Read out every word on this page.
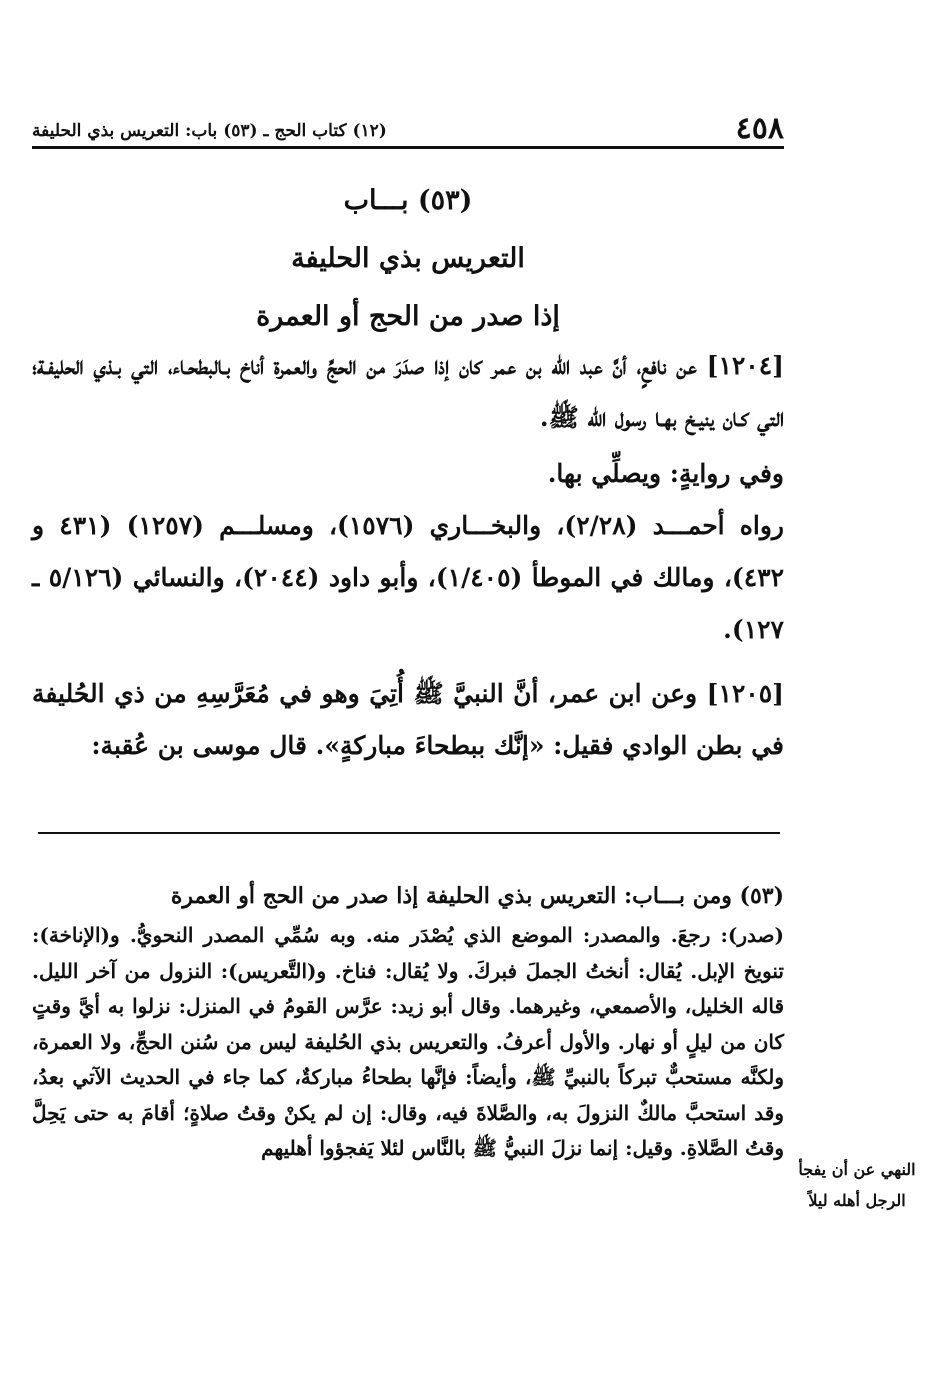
٤٥٨
(١٢) كتاب الحج ـ (٥٣) باب: التعريس بذي الحليفة
(٥٣) بـــاب
التعريس بذي الحليفة
إذا صدر من الحج أو العمرة

[١٢٠٤] عن نافعٍ، أنَّ عبد الله بن عمر كان إذا صدَرَ من الحجِّ والعمرة أناخ بـالبطحـاء، التي بـذي الحليفـة؛ التي كـان ينيـخ بهـا رسول الله ﷺ.

وفي روايةٍ: ويصلِّي بها.

رواه أحمـــد (٢/٢٨)، والبخـــاري (١٥٧٦)، ومسلـــم (١٢٥٧) (٤٣١ و ٤٣٢)، ومالك في الموطأ (١/٤٠٥)، وأبو داود (٢٠٤٤)، والنسائي (٥/١٢٦ ـ ١٢٧).

[١٢٠٥] وعن ابن عمر، أنَّ النبيَّ ﷺ أُتِيَ وهو في مُعَرَّسِهِ من ذي الحُليفة في بطن الوادي فقيل: «إنَّك ببطحاءَ مباركةٍ». قال موسى بن عُقبة:

(٥٣) ومن بـــاب: التعريس بذي الحليفة إذا صدر من الحج أو العمرة

(صدر): رجعَ. والمصدر: الموضع الذي يُصْدَر منه. وبه سُمِّي المصدر النحويُّ. و(الإناخة): تنويخ الإبل. يُقال: أنختُ الجملَ فبركَ. ولا يُقال: فناخ. و(التَّعريس): النزول من آخر الليل. قاله الخليل، والأصمعي، وغيرهما. وقال أبو زيد: عرَّس القومُ في المنزل: نزلوا به أيَّ وقتٍ كان من ليلٍ أو نهار. والأول أعرفُ. والتعريس بذي الحُليفة ليس من سُنن الحجِّ، ولا العمرة، ولكنَّه مستحبٌّ تبركاً بالنبيِّ ﷺ، وأيضاً: فإنَّها بطحاءُ مباركةٌ، كما جاء في الحديث الآتي بعدُ، وقد استحبَّ مالكٌ النزولَ به، والصَّلاةَ فيه، وقال: إن لم يكنْ وقتُ صلاةٍ؛ أقامَ به حتى يَحِلَّ وقتُ الصَّلاةِ. وقيل: إنما نزلَ النبيُّ ﷺ بالنَّاس لئلا يَفجؤوا أهليهم

النهي عن أن يفجأ الرجل أهله ليلاً
